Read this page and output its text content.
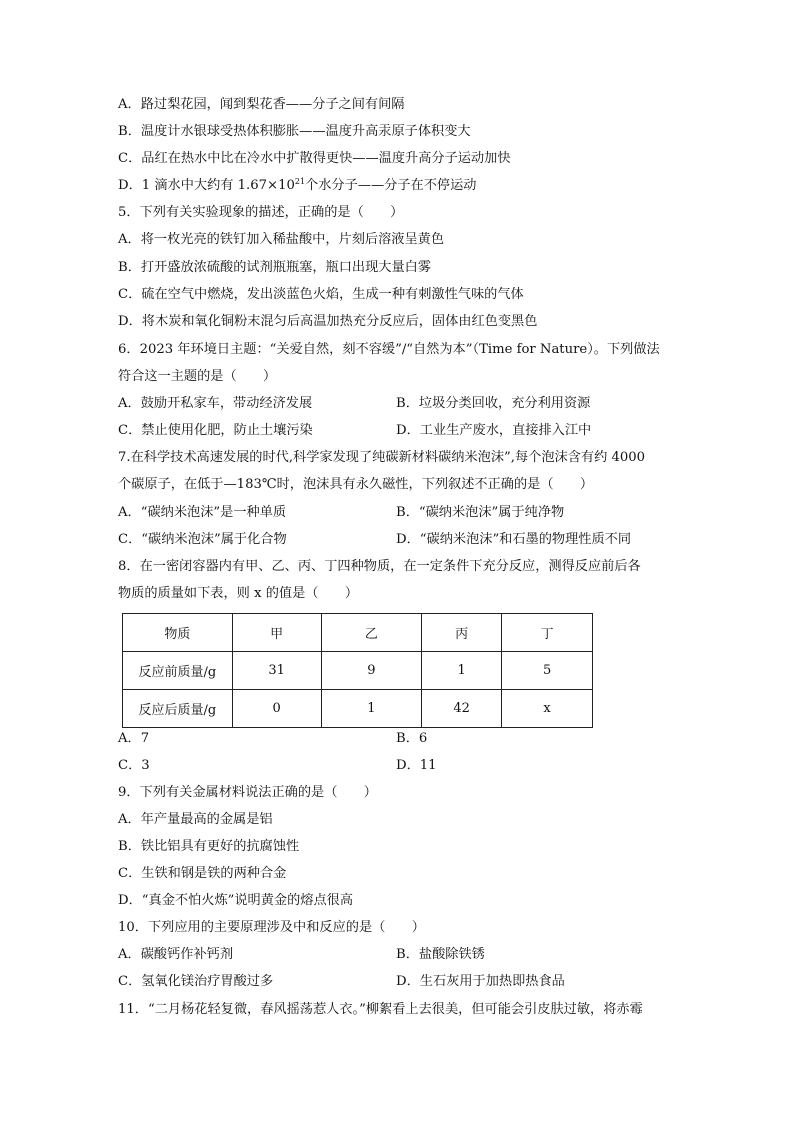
A．路过梨花园，闻到梨花香——分子之间有间隔
B．温度计水银球受热体积膨胀——温度升高汞原子体积变大
C．品红在热水中比在冷水中扩散得更快——温度升高分子运动加快
D．1 滴水中大约有 $1.67\times 10^{21}$个水分子——分子在不停运动
5．下列有关实验现象的描述，正确的是（　　）
A．将一枚光亮的铁钉加入稀盐酸中，片刻后溶液呈黄色
B．打开盛放浓硫酸的试剂瓶瓶塞，瓶口出现大量白雾
C．硫在空气中燃烧，发出淡蓝色火焰，生成一种有刺激性气味的气体
D．将木炭和氧化铜粉末混匀后高温加热充分反应后，固体由红色变黑色
6．2023 年环境日主题：“关爱自然，刻不容缓”/“自然为本”（Time for Nature）。下列做法
符合这一主题的是（　　）
A．鼓励开私家车，带动经济发展	B．垃圾分类回收，充分利用资源
C．禁止使用化肥，防止土壤污染	D．工业生产废水，直接排入江中
7.在科学技术高速发展的时代,科学家发现了纯碳新材料碳纳米泡沫”,每个泡沫含有约 4000
个碳原子，在低于—183℃时，泡沫具有永久磁性，下列叙述不正确的是（　　）
A．“碳纳米泡沫”是一种单质	B．“碳纳米泡沫”属于纯净物
C．“碳纳米泡沫”属于化合物	D．“碳纳米泡沫”和石墨的物理性质不同
8．在一密闭容器内有甲、乙、丙、丁四种物质，在一定条件下充分反应，测得反应前后各
物质的质量如下表，则 x 的值是（　　）
物质	甲	乙	丙	丁
反应前质量/g	31	9	1	5
反应后质量/g	0	1	42	x
A．7	B．6
C．3	D．11
9．下列有关金属材料说法正确的是（　　）
A．年产量最高的金属是铝
B．铁比铝具有更好的抗腐蚀性
C．生铁和钢是铁的两种合金
D．“真金不怕火炼”说明黄金的熔点很高
10．下列应用的主要原理涉及中和反应的是（　　）
A．碳酸钙作补钙剂	B．盐酸除铁锈
C．氢氧化镁治疗胃酸过多	D．生石灰用于加热即热食品
11．“二月杨花轻复微，春风摇荡惹人衣。”柳絮看上去很美，但可能会引皮肤过敏，将赤霉
